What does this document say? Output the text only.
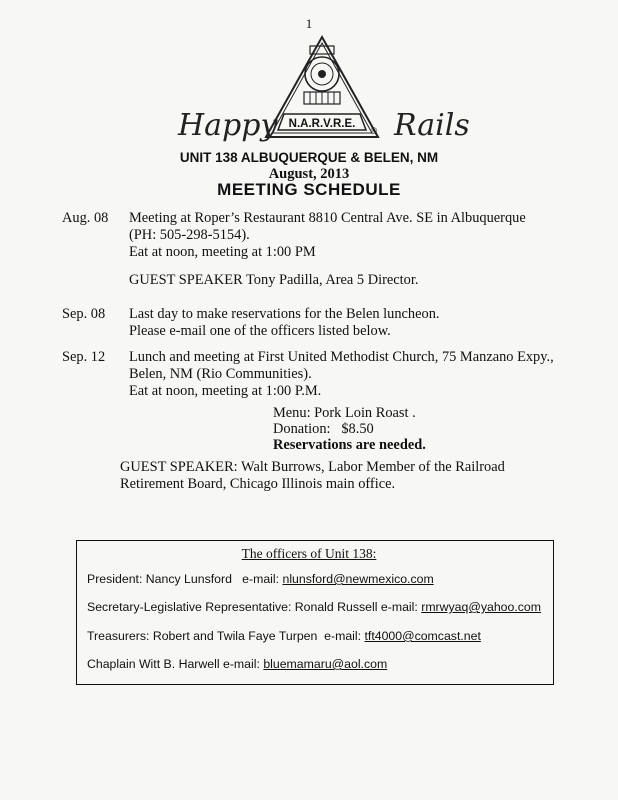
1
N.A.R.V.R.E.
®
Happy	Rails
UNIT 138 ALBUQUERQUE & BELEN, NM
August, 2013
MEETING SCHEDULE
Aug. 08 Meeting at Roper’s Restaurant 8810 Central Ave. SE in Albuquerque
(PH: 505-298-5154).
Eat at noon, meeting at 1:00 PM
GUEST SPEAKER Tony Padilla, Area 5 Director.
Sep. 08 Last day to make reservations for the Belen luncheon.
Please e-mail one of the officers listed below.
Sep. 12 Lunch and meeting at First United Methodist Church, 75 Manzano Expy.,
Belen, NM (Rio Communities).
Eat at noon, meeting at 1:00 P.M.
Menu: Pork Loin Roast .
Donation:   $8.50
Reservations are needed.
GUEST SPEAKER: Walt Burrows, Labor Member of the Railroad
Retirement Board, Chicago Illinois main office.
The officers of Unit 138:
President: Nancy Lunsford   e-mail: nlunsford@newmexico.com
Secretary-Legislative Representative: Ronald Russell e-mail: rmrwyaq@yahoo.com
Treasurers: Robert and Twila Faye Turpen  e-mail: tft4000@comcast.net
Chaplain Witt B. Harwell e-mail: bluemamaru@aol.com
